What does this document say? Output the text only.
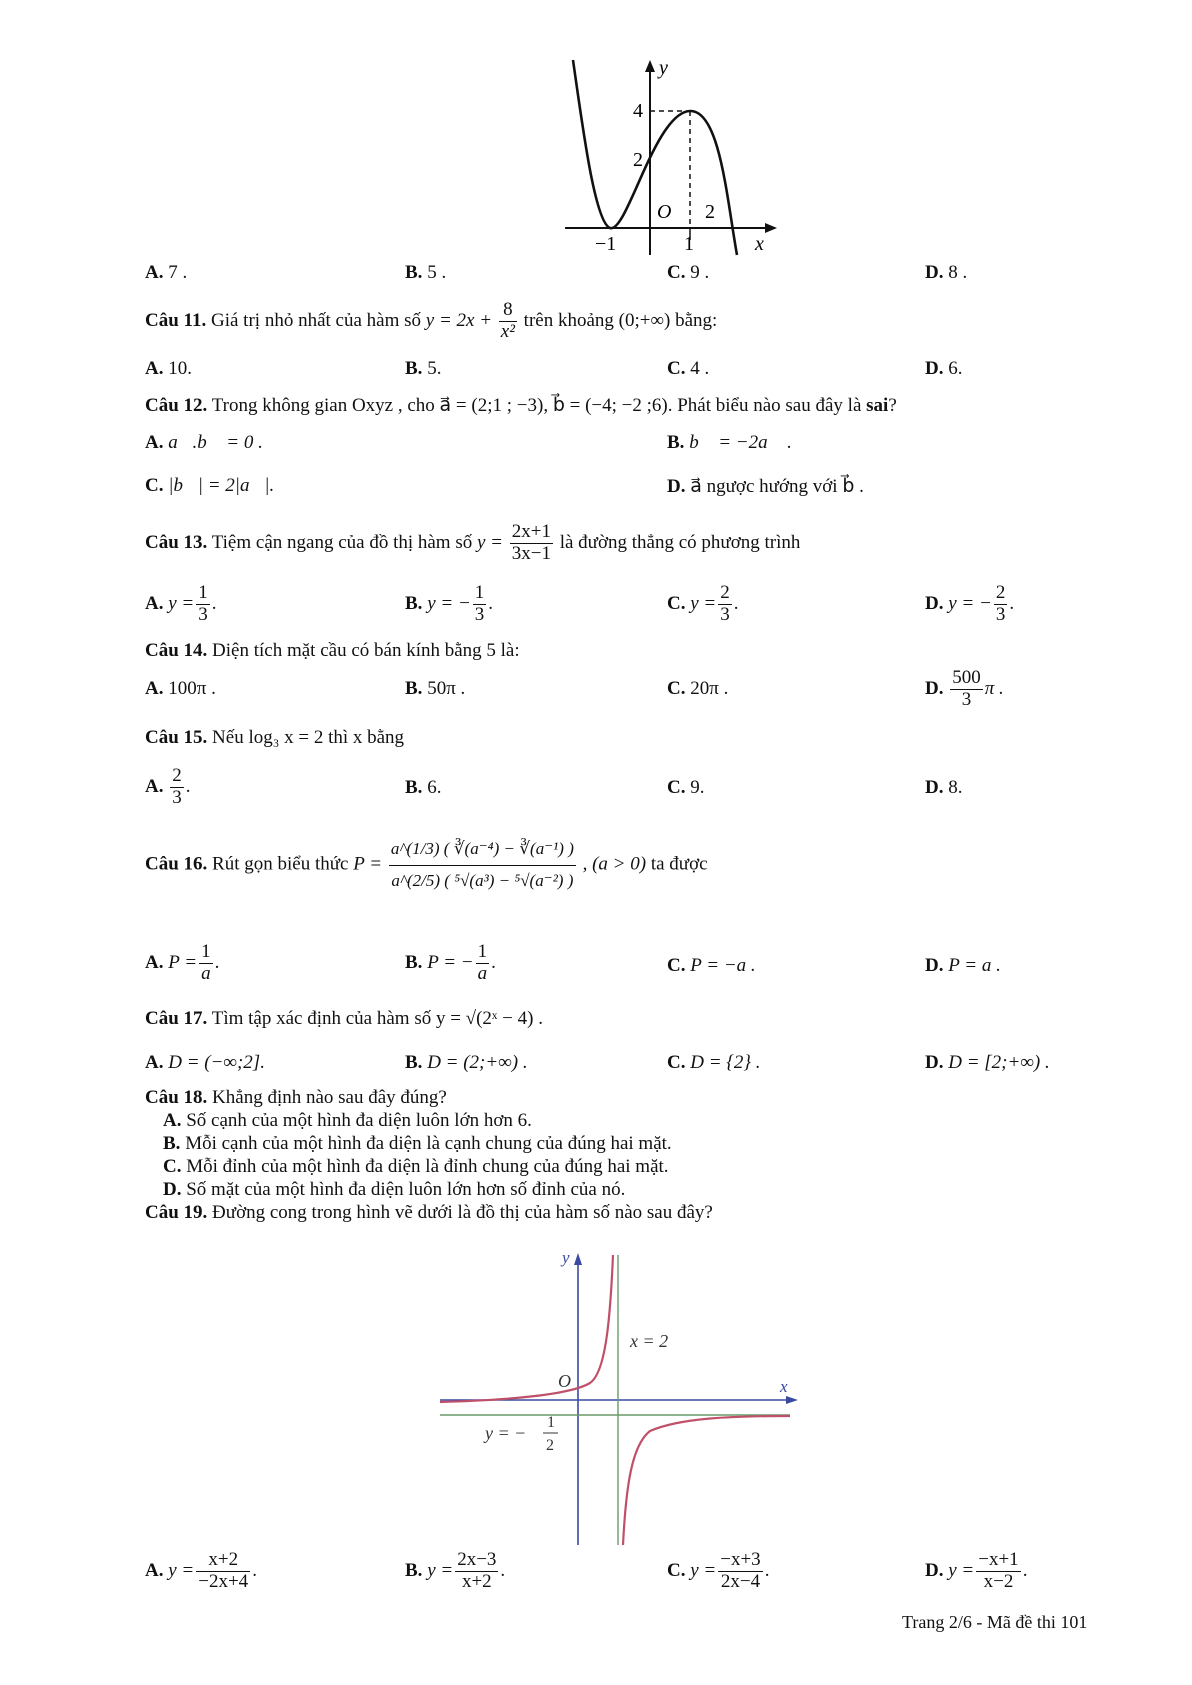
y
4
2
O 2
−1	1	x
A. 7 .	B. 5 .	C. 9 .	D. 8 .
Câu 11. Giá trị nhỏ nhất của hàm số $y = 2x + \frac{8}{\text{x²}}$ trên khoảng (0;+∞) bằng:
A. 10.	B. 5.	C. 4 .	D. 6.
Câu 12. Trong không gian Oxyz , cho a⃗ = (2;1 ; −3), b⃗ = (−4; −2 ;6). Phát biểu nào sau đây là sai?
A. a⃗.b⃗ = 0 .	B. b⃗ = −2a⃗ .
C. |b⃗| = 2|a⃗|.	D. a⃗ ngược hướng với b⃗ .
Câu 13. Tiệm cận ngang của đồ thị hàm số $y = \frac{2x+1}{3x-1}$ là đường thẳng có phương trình
A. $y = \frac{1}{3}$ .	B. y = − $\frac{1}{3}$ .	C. $y = \frac{2}{3}$ .	D. y = − $\frac{2}{3}$ .
Câu 14. Diện tích mặt cầu có bán kính bằng 5 là:
A. 100π .	B. 50π .	C. 20π .	D. $\frac{500}{3}$ π .
Câu 15. Nếu log₃ x = 2 thì x bằng
A. $\frac{2}{3}$ .	B. 6.	C. 9.	D. 8.
Câu 16. Rút gọn biểu thức $P = \frac{\text{a\textasciicircum{}(1/3) ( ∛(a⁻⁴) − ∛(a⁻¹) )}}{\text{a\textasciicircum{}(2/5) ( ⁵√(a³) − ⁵√(a⁻²) )}}$ , (a > 0) ta được
A. $P = \frac{1}{a}$ .	B. P = − $\frac{1}{a}$ .	C. P = −a .	D. P = a .
Câu 17. Tìm tập xác định của hàm số y = √(2ˣ − 4) .
A. D = (−∞;2].	B. D = (2;+∞) .	C. D = {2} .	D. D = [2;+∞) .
Câu 18. Khẳng định nào sau đây đúng?
A. Số cạnh của một hình đa diện luôn lớn hơn 6.
B. Mỗi cạnh của một hình đa diện là cạnh chung của đúng hai mặt.
C. Mỗi đỉnh của một hình đa diện là đỉnh chung của đúng hai mặt.
D. Số mặt của một hình đa diện luôn lớn hơn số đỉnh của nó.
Câu 19. Đường cong trong hình vẽ dưới là đồ thị của hàm số nào sau đây?
y
x = 2
O	x
y = −
1
2
A. $y = \frac{x+2}{-2x+4}$ .	B. $y = \frac{2x-3}{x+2}$ .	C. $y = \frac{-x+3}{2x-4}$ .	D. $y = \frac{-x+1}{x-2}$ .
Trang 2/6 - Mã đề thi 101
